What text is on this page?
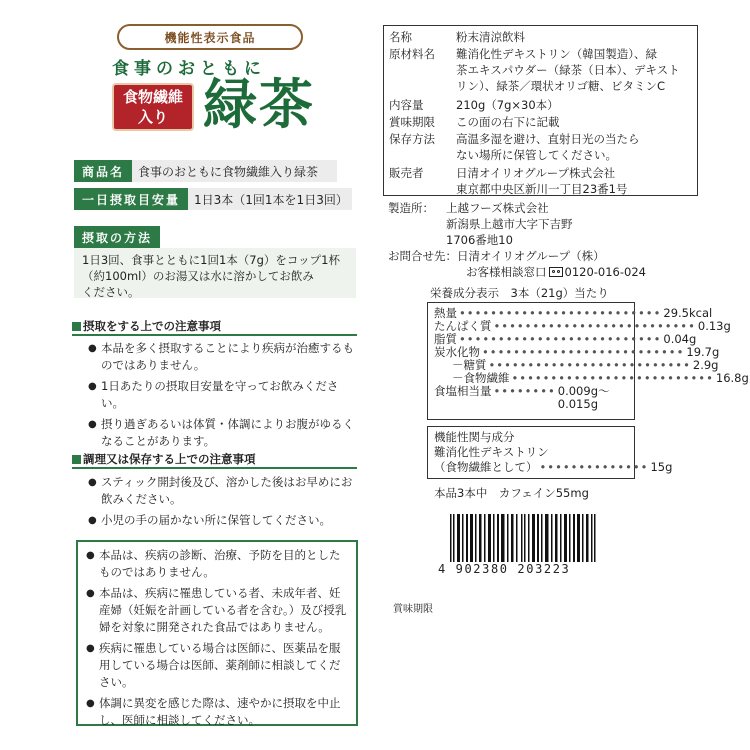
機能性表示食品
食事のおともに
食物繊維
入り 緑茶
商品名	食事のおともに食物繊維入り緑茶
一日摂取目安量	1日3本（1回1本を1日3回）
摂取の方法
1日3回、食事とともに1回1本（7g）をコップ1杯
（約100ml）のお湯又は水に溶かしてお飲み
ください。
摂取をする上での注意事項
● 本品を多く摂取することにより疾病が治癒するものではありません。
● 1日あたりの摂取目安量を守ってお飲みください。
● 摂り過ぎあるいは体質・体調によりお腹がゆるくなることがあります。
調理又は保存する上での注意事項
● スティック開封後及び、溶かした後はお早めにお飲みください。
● 小児の手の届かない所に保管してください。
● 本品は、疾病の診断、治療、予防を目的としたものではありません。
● 本品は、疾病に罹患している者、未成年者、妊産婦（妊娠を計画している者を含む。）及び授乳婦を対象に開発された食品ではありません。
● 疾病に罹患している場合は医師に、医薬品を服用している場合は医師、薬剤師に相談してください。
● 体調に異変を感じた際は、速やかに摂取を中止し、医師に相談してください。
名称	粉末清涼飲料
原材料名	難消化性デキストリン（韓国製造）、緑
茶エキスパウダー（緑茶（日本）、デキスト
リン）、緑茶／環状オリゴ糖、ビタミンC
内容量	210g（7g×30本）
賞味期限	この面の右下に記載
保存方法	高温多湿を避け、直射日光の当たら
ない場所に保管してください。
販売者	日清オイリオグループ株式会社
東京都中央区新川一丁目23番1号
製造所：	上越フーズ株式会社
新潟県上越市大字下吉野
1706番地10
お問合せ先： 日清オイリオグループ（株）
お客様相談窓口 0120-016-024
栄養成分表示　3本（21g）当たり
熱量 •••••••••••••••••••••••••• 29.5kcal
たんぱく質 •••••••••••••••••••••••••• 0.13g
脂質 •••••••••••••••••••••••••• 0.04g
炭水化物 •••••••••••••••••••••••••• 19.7g
－糖質 •••••••••••••••••••••••••• 2.9g
－食物繊維 •••••••••••••••••••••••••• 16.8g
食塩相当量 •••••••• 0.009g～0.015g
機能性関与成分
難消化性デキストリン
（食物繊維として） •••••••••••••• 15g
本品3本中　カフェイン55mg
4 902380 203223
賞味期限
